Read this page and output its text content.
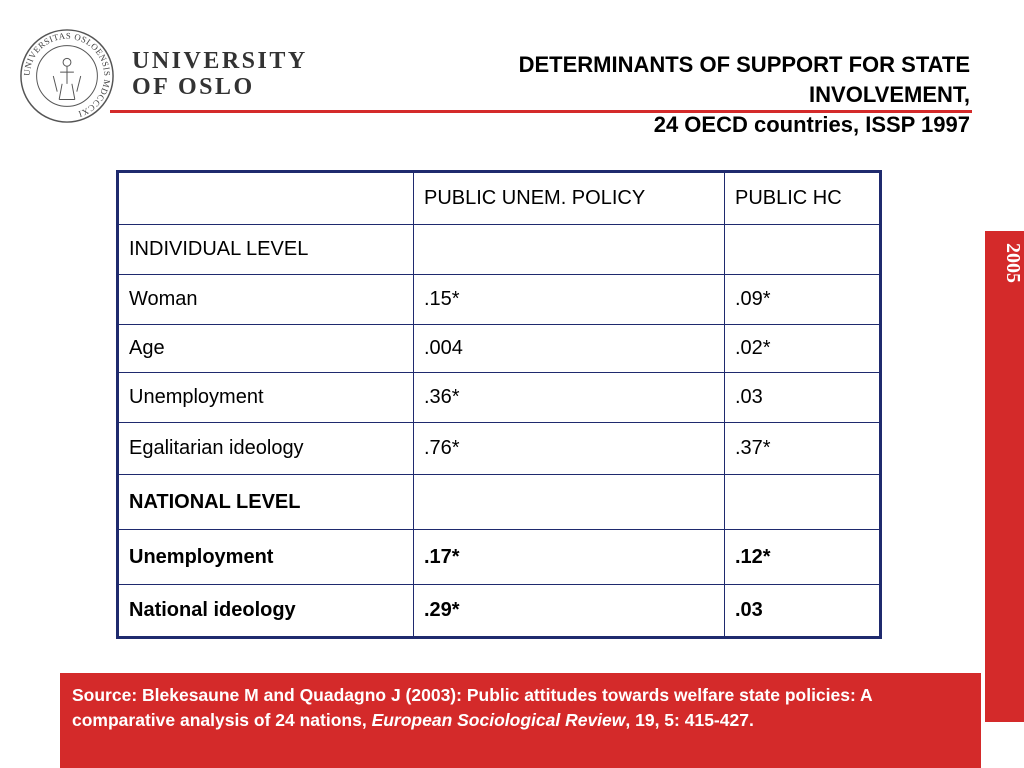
UNIVERSITAS OSLOENSIS MDCCCXI
UNIVERSITY
OF OSLO
DETERMINANTS OF SUPPORT FOR STATE
INVOLVEMENT,
24 OECD countries, ISSP 1997
2005
	PUBLIC UNEM. POLICY	PUBLIC HC
INDIVIDUAL LEVEL		
Woman	.15*	.09*
Age	.004	.02*
Unemployment	.36*	.03
Egalitarian ideology	.76*	.37*
NATIONAL LEVEL		
Unemployment	.17*	.12*
National ideology	.29*	.03
Source: Blekesaune M and Quadagno J (2003): Public attitudes towards welfare state policies: A comparative analysis of 24 nations, European Sociological Review, 19, 5: 415-427.
